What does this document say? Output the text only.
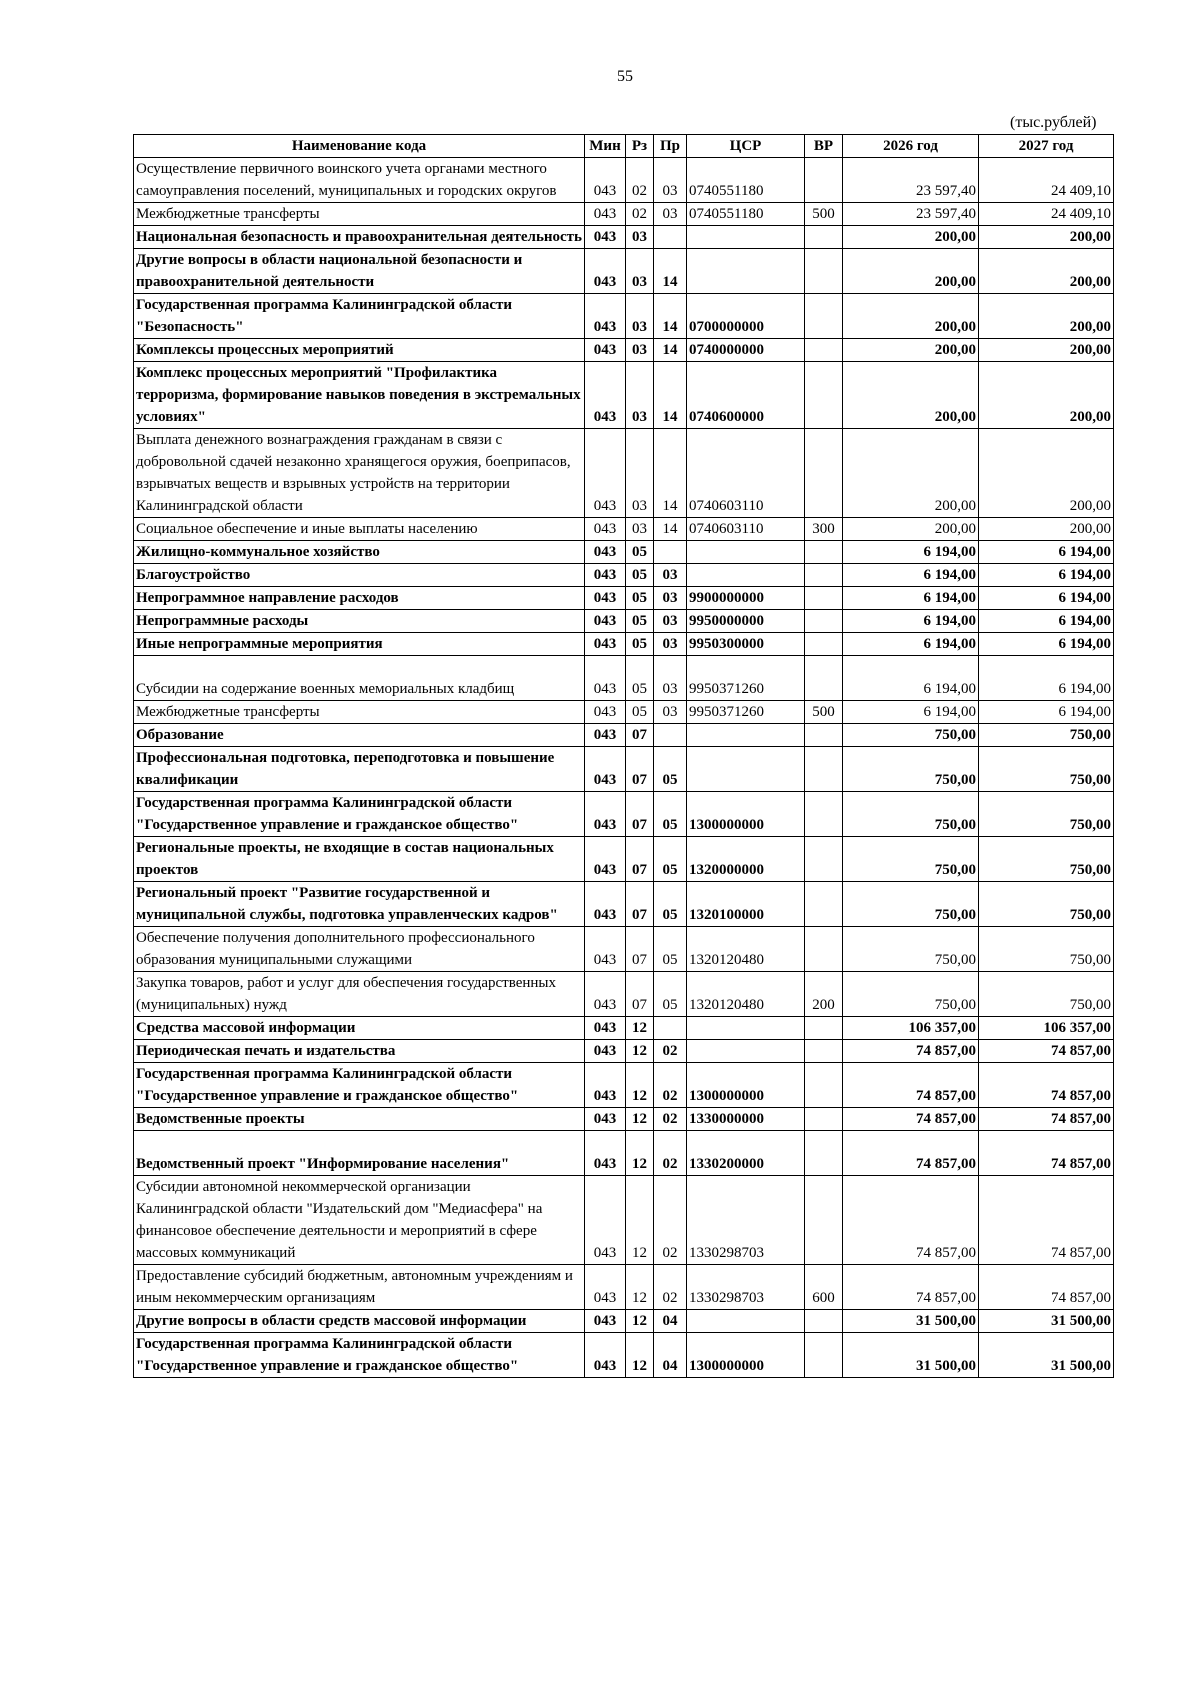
55
(тыс.рублей)
Наименование кода	Мин	Рз	Пр	ЦСР	ВР	2026 год	2027 год
Осуществление первичного воинского учета органами местного самоуправления поселений, муниципальных и городских округов	043	02	03	0740551180		23 597,40	24 409,10
Межбюджетные трансферты	043	02	03	0740551180	500	23 597,40	24 409,10
Национальная безопасность и правоохранительная деятельность	043	03				200,00	200,00
Другие вопросы в области национальной безопасности и правоохранительной деятельности	043	03	14			200,00	200,00
Государственная программа Калининградской области "Безопасность"	043	03	14	0700000000		200,00	200,00
Комплексы процессных мероприятий	043	03	14	0740000000		200,00	200,00
Комплекс процессных мероприятий "Профилактика терроризма, формирование навыков поведения в экстремальных условиях"	043	03	14	0740600000		200,00	200,00
Выплата денежного вознаграждения гражданам в связи с добровольной сдачей незаконно хранящегося оружия, боеприпасов, взрывчатых веществ и взрывных устройств на территории Калининградской области	043	03	14	0740603110		200,00	200,00
Социальное обеспечение и иные выплаты населению	043	03	14	0740603110	300	200,00	200,00
Жилищно-коммунальное хозяйство	043	05				6 194,00	6 194,00
Благоустройство	043	05	03			6 194,00	6 194,00
Непрограммное направление расходов	043	05	03	9900000000		6 194,00	6 194,00
Непрограммные расходы	043	05	03	9950000000		6 194,00	6 194,00
Иные непрограммные мероприятия	043	05	03	9950300000		6 194,00	6 194,00
Субсидии на содержание военных мемориальных кладбищ	043	05	03	9950371260		6 194,00	6 194,00
Межбюджетные трансферты	043	05	03	9950371260	500	6 194,00	6 194,00
Образование	043	07				750,00	750,00
Профессиональная подготовка, переподготовка и повышение квалификации	043	07	05			750,00	750,00
Государственная программа Калининградской области "Государственное управление и гражданское общество"	043	07	05	1300000000		750,00	750,00
Региональные проекты, не входящие в состав национальных проектов	043	07	05	1320000000		750,00	750,00
Региональный проект "Развитие государственной и муниципальной службы, подготовка управленческих кадров"	043	07	05	1320100000		750,00	750,00
Обеспечение получения дополнительного профессионального образования муниципальными служащими	043	07	05	1320120480		750,00	750,00
Закупка товаров, работ и услуг для обеспечения государственных (муниципальных) нужд	043	07	05	1320120480	200	750,00	750,00
Средства массовой информации	043	12				106 357,00	106 357,00
Периодическая печать и издательства	043	12	02			74 857,00	74 857,00
Государственная программа Калининградской области "Государственное управление и гражданское общество"	043	12	02	1300000000		74 857,00	74 857,00
Ведомственные проекты	043	12	02	1330000000		74 857,00	74 857,00
Ведомственный проект "Информирование населения"	043	12	02	1330200000		74 857,00	74 857,00
Субсидии автономной некоммерческой организации Калининградской области "Издательский дом "Медиасфера" на финансовое обеспечение деятельности и мероприятий в сфере массовых коммуникаций	043	12	02	1330298703		74 857,00	74 857,00
Предоставление субсидий бюджетным, автономным учреждениям и иным некоммерческим организациям	043	12	02	1330298703	600	74 857,00	74 857,00
Другие вопросы в области средств массовой информации	043	12	04			31 500,00	31 500,00
Государственная программа Калининградской области "Государственное управление и гражданское общество"	043	12	04	1300000000		31 500,00	31 500,00
